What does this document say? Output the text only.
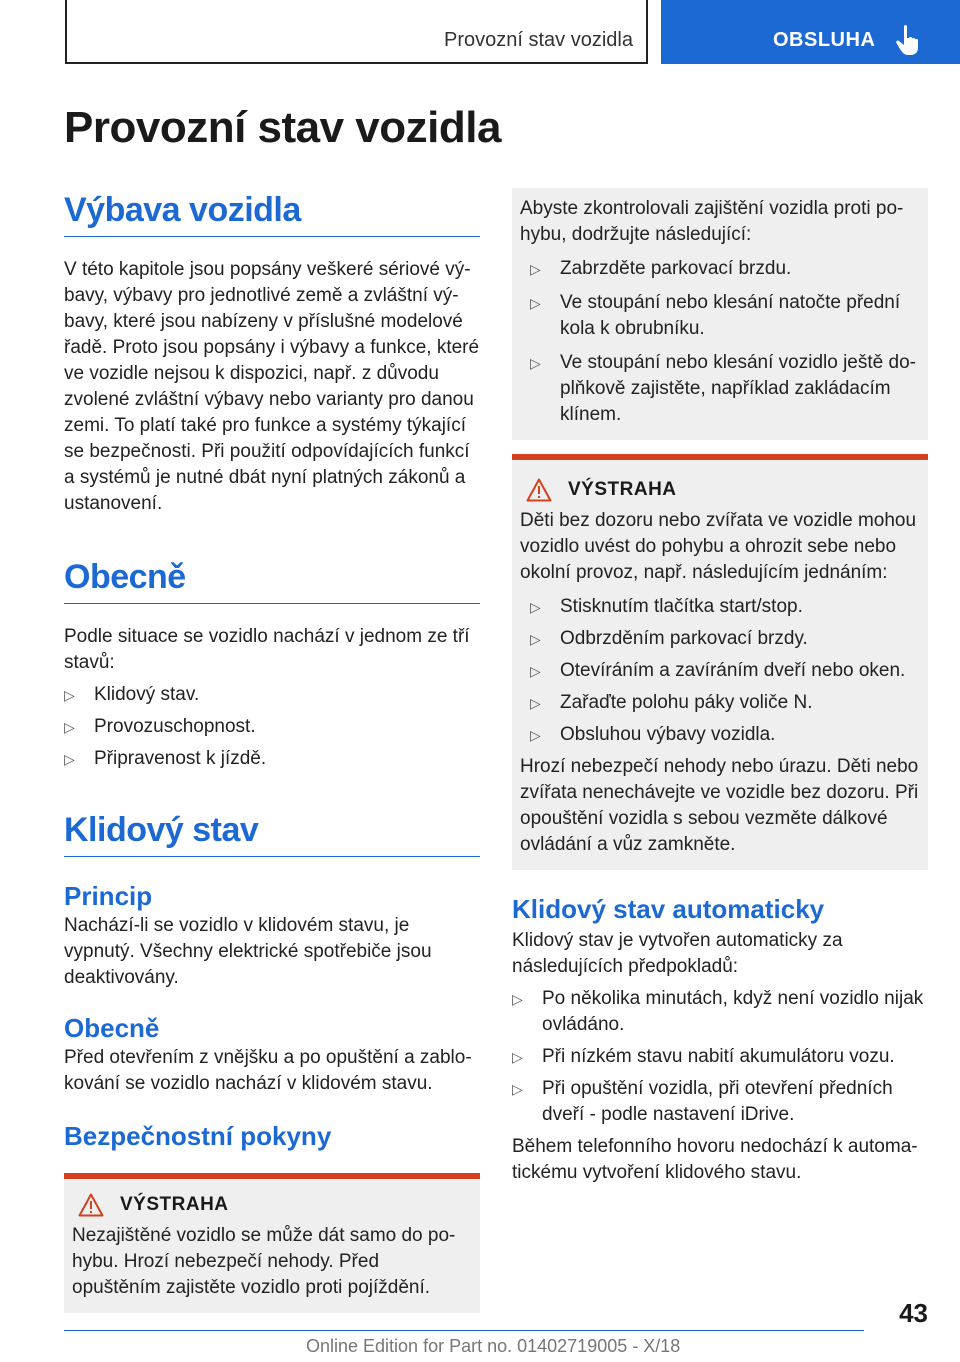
Provozní stav vozidla	OBSLUHA
Provozní stav vozidla
Výbava vozidla

V této kapitole jsou popsány veškeré sériové výbavy, výbavy pro jednotlivé země a zvláštní výbavy, které jsou nabízeny v příslušné modelové řadě. Proto jsou popsány i výbavy a funkce, které ve vozidle nejsou k dispozici, např. z důvodu zvolené zvláštní výbavy nebo varianty pro danou zemi. To platí také pro funkce a systémy týkající se bezpečnosti. Při použití odpovídajících funkcí a systémů je nutné dbát nyní platných zákonů a ustanovení.

Obecně

Podle situace se vozidlo nachází v jednom ze tří stavů:

▷ Klidový stav.
▷ Provozuschopnost.
▷ Připravenost k jízdě.
Klidový stav
Princip

Nachází-li se vozidlo v klidovém stavu, je vypnutý. Všechny elektrické spotřebiče jsou deaktivovány.

Obecně

Před otevřením z vnějšku a po opuštění a zablokování se vozidlo nachází v klidovém stavu.

Bezpečnostní pokyny
VÝSTRAHA

Nezajištěné vozidlo se může dát samo do pohybu. Hrozí nebezpečí nehody. Před opuštěním zajistěte vozidlo proti pojíždění.

Abyste zkontrolovali zajištění vozidla proti pohybu, dodržujte následující:

▷ Zabrzděte parkovací brzdu.
▷ Ve stoupání nebo klesání natočte přední kola k obrubníku.
▷ Ve stoupání nebo klesání vozidlo ještě doplňkově zajistěte, například zakládacím klínem.
VÝSTRAHA

Děti bez dozoru nebo zvířata ve vozidle mohou vozidlo uvést do pohybu a ohrozit sebe nebo okolní provoz, např. následujícím jednáním:

▷ Stisknutím tlačítka start/stop.
▷ Odbrzděním parkovací brzdy.
▷ Otevíráním a zavíráním dveří nebo oken.
▷ Zařaďte polohu páky voliče N.
▷ Obsluhou výbavy vozidla.

Hrozí nebezpečí nehody nebo úrazu. Děti nebo zvířata nenechávejte ve vozidle bez dozoru. Při opouštění vozidla s sebou vezměte dálkové ovládání a vůz zamkněte.

Klidový stav automaticky

Klidový stav je vytvořen automaticky za následujících předpokladů:

▷ Po několika minutách, když není vozidlo nijak ovládáno.
▷ Při nízkém stavu nabití akumulátoru vozu.
▷ Při opuštění vozidla, při otevření předních dveří - podle nastavení iDrive.

Během telefonního hovoru nedochází k automatickému vytvoření klidového stavu.

43
Online Edition for Part no. 01402719005 - X/18
